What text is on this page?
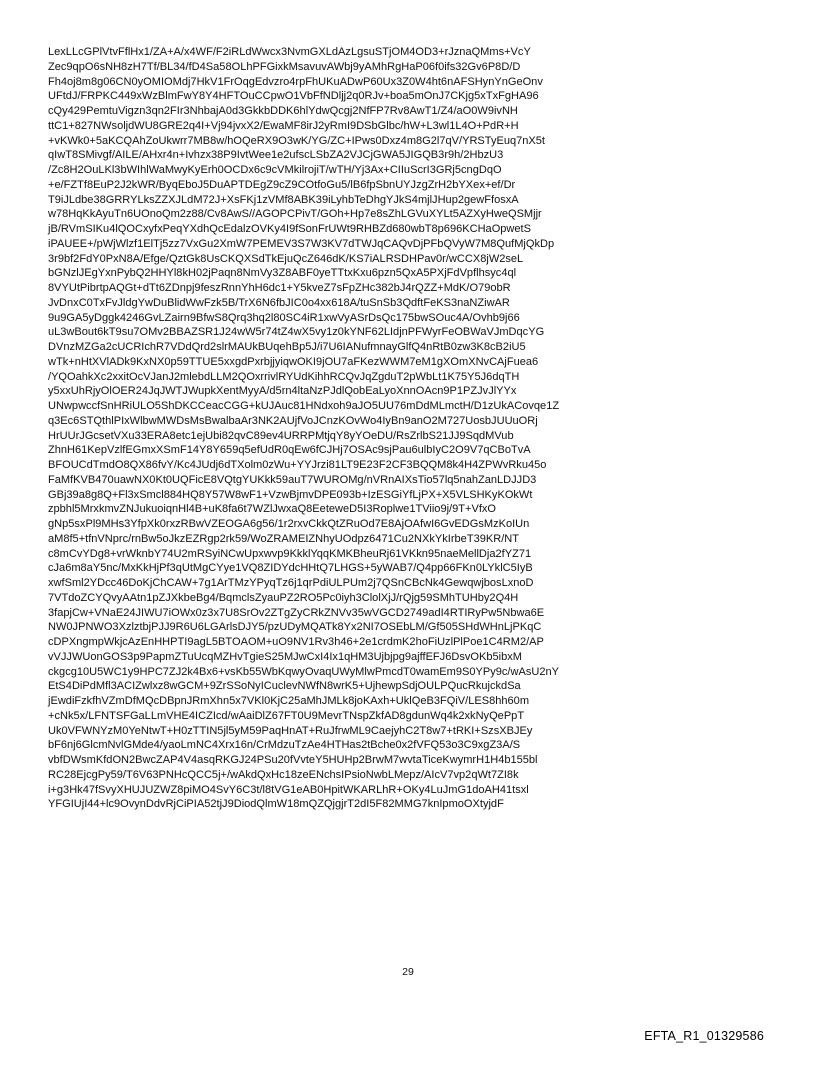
LexLLcGPlVtvFflHx1/ZA+A/x4WF/F2iRLdWwcx3NvmGXLdAzLgsuSTjOM4OD3+rJznaQMms+VcY
Zec9qpO6sNH8zH7Tf/BL34/fD4Sa58OLhPFGixkMsavuvAWbj9yAMhRgHaP06f0ifs32Gv6P8D/D
Fh4oj8m8g06CN0yOMIOMdj7HkV1FrOqgEdvzro4rpFhUKuADwP60Ux3Z0W4ht6nAFSHynYnGeOnv
UFtdJ/FRPKC449xWzBlmFwY8Y4HFTOuCCpwO1VbFfNDljj2q0RJv+boa5mOnJ7CKjg5xTxFgHA96
cQy429PemtuVigzn3qn2FIr3NhbajA0d3GkkbDDK6hlYdwQcgj2NfFP7Rv8AwT1/Z4/aO0W9ivNH
ttC1+827NWsoljdWU8GRE2q4I+Vj94jvxX2/EwaMF8irJ2yRmI9DSbGlbc/hW+L3wl1L4O+PdR+H
+vKWk0+5aKCQAhZoUkwrr7MB8w/hOQeRX9O3wK/YG/ZC+IPws0Dxz4m8G2l7qV/YRSTyEuq7nX5t
qIwT8SMivgf/AILE/AHxr4n+Ivhzx38P9IvtWee1e2ufscLSbZA2VJCjGWA5JIGQB3r9h/2HbzU3
/Zc8H2OuLKl3bWIhlWaMwyKyErh0OCDx6c9cVMkilrojiT/wTH/Yj3Ax+CIIuScrI3GRj5cngDqO
+e/FZTf8EuP2J2kWR/ByqEboJ5DuAPTDEgZ9cZ9COtfoGu5/lB6fpSbnUYJzgZrH2bYXex+ef/Dr
T9iJLdbe38GRRYLksZZXJLdM72J+XsFKj1zVMf8ABK39iLyhbTeDhgYJkS4mjlJHup2gewFfosxA
w78HqKkAyuTn6UOnoQm2z88/Cv8AwS//AGOPCPivT/GOh+Hp7e8sZhLGVuXYLt5AZXyHweQSMjjr
jB/RVmSIKu4lQOCxyfxPeqYXdhQcEdalzOVKy4I9fSonFrUWt9RHBZd680wbT8p696KCHaOpwetS
iPAUEE+/pWjWlzf1ElTj5zz7VxGu2XmW7PEMEV3S7W3KV7dTWJqCAQvDjPFbQVyW7M8QufMjQkDp
3r9bf2FdY0PxN8A/Efge/QztGk8UsCKQXSdTkEjuQcZ646dK/KS7iALRSDHPav0r/wCCX8jW2seL
bGNzlJEgYxnPybQ2HHYl8kH02jPaqn8NmVy3Z8ABF0yeTTtxKxu6pzn5QxA5PXjFdVpflhsyc4ql
8VYUtPibrtpAQGt+dTt6ZDnpj9feszRnnYhH6dc1+Y5kveZ7sFpZHc382bJ4rQZZ+MdK/O79obR
JvDnxC0TxFvJldgYwDuBlidWwFzk5B/TrX6N6fbJIC0o4xx618A/tuSnSb3QdftFeKS3naNZiwAR
9u9GA5yDggk4246GvLZairn9BfwS8Qrq3hq2l80SC4iR1xwVyASrDsQc175bwSOuc4A/Ovhb9j66
uL3wBout6kT9su7OMv2BBAZSR1J24wW5r74tZ4wX5vy1z0kYNF62LIdjnPFWyrFeOBWaVJmDqcYG
DVnzMZGa2cUCRIchR7VDdQrd2slrMAUkBUqehBp5J/i7U6IANufmnayGlfQ4nRtB0zw3K8cB2iU5
wTk+nHtXVlADk9KxNX0p59TTUE5xxgdPxrbjjyiqwOKI9jOU7aFKezWWM7eM1gXOmXNvCAjFuea6
/YQOahkXc2xxitOcVJanJ2mlebdLLM2QOxrrivlRYUdKihhRCQvJqZgduT2pWbLt1K75Y5J6dqTH
y5xxUhRjyOlOER24JqJWTJWupkXentMyyA/d5rn4ltaNzPJdlQobEaLyoXnnOAcn9P1PZJvJlYYx
UNwpwccfSnHRiULO5ShDKCCeacCGG+kUJAuc81HNdxoh9aJO5UU76mDdMLmctH/D1zUkACovqe1Z
q3Ec6STQthlPIxWlbwMWDsMsBwalbaAr3NK2AUjfVoJCnzKOvWo4IyBn9anO2M727UosbJUUuORj
HrUUrJGcsetVXu33ERA8etc1ejUbi82qvC89ev4URRPMtjqY8yYOeDU/RsZrlbS21JJ9SqdMVub
ZhnH61KepVzlfEGmxXSmF14Y8Y659q5efUdR0qEw6fCJHj7OSAc9sjPau6ulbIyC2O9V7qCBoTvA
BFOUCdTmdO8QX86fvY/Kc4JUdj6dTXolm0zWu+YYJrzi81LT9E23F2CF3BQQM8k4H4ZPWvRku45o
FaMfKVB470uawNX0Kt0UQFicE8VQtgYUKkk59auT7WUROMg/nVRnAIXsTio57lq5nahZanLDJJD3
GBj39a8g8Q+Fl3xSmcl884HQ8Y57W8wF1+VzwBjmvDPE093b+IzESGiYfLjPX+X5VLSHKyKOkWt
zpbhl5MrxkmvZNJukuoiqnHl4B+uK8fa6t7WZlJwxaQ8EeteweD5I3Roplwe1TViio9j/9T+VfxO
gNp5sxPl9MHs3YfpXk0rxzRBwVZEOGA6g56/1r2rxvCkkQtZRuOd7E8AjOAfwI6GvEDGsMzKoIUn
aM8f5+tfnVNprc/rnBw5oJkzEZRgp2rk59/WoZRAMEIZNhyUOdpz6471Cu2NXkYkIrbeT39KR/NT
c8mCvYDg8+vrWknbY74U2mRSyiNCwUpxwvp9KkklYqqKMKBheuRj61VKkn95naeMellDja2fYZ71
cJa6m8aY5nc/MxKkHjPf3qUtMgCYye1VQ8ZIDYdcHHtQ7LHGS+5yWAB7/Q4pp66FKn0LYklC5IyB
xwfSml2YDcc46DoKjChCAW+7g1ArTMzYPyqTz6j1qrPdiULPUm2j7QSnCBcNk4GewqwjbosLxnoD
7VTdoZCYQvyAAtn1pZJXkbeBg4/BqmclsZyauPZ2RO5Pc0iyh3ClolXjJ/rQjg59SMhTUHby2Q4H
3fapjCw+VNaE24JIWU7iOWx0z3x7U8SrOv2ZTgZyCRkZNVv35wVGCD2749adI4RTIRyPw5Nbwa6E
NW0JPNWO3XzlztbjPJJ9R6U6LGArlsDJY5/pzUDyMQATk8Yx2NI7OSEbLM/Gf505SHdWHnLjPKqC
cDPXngmpWkjcAzEnHHPTI9agL5BTOAOM+uO9NV1Rv3h46+2e1crdmK2hoFiUzlPlPoe1C4RM2/AP
vVJJWUonGOS3p9PapmZTuUcqMZHvTgieS25MJwCxI4Ix1qHM3Ujbjpg9ajffEFJ6DsvOKb5ibxM
ckgcg10U5WC1y9HPC7ZJ2k4Bx6+vsKb55WbKqwyOvaqUWyMlwPmcdT0wamEm9S0YPy9c/wAsU2nY
EtS4DiPdMfl3ACIZwlxz8wGCM+9ZrSSoNyICuclevNWfN8wrK5+UjhewpSdjOULPQucRkujckdSa
jEwdiFzkfhVZmDfMQcDBpnJRmXhn5x7VKl0KjC25aMhJMLk8joKAxh+UklQeB3FQiV/LES8hh60m
+cNk5x/LFNTSFGaLLmVHE4ICZIcd/wAaiDlZ67FT0U9MevrTNspZkfAD8gdunWq4k2xkNyQePpT
Uk0VFWNYzM0YeNtwT+H0zTTIN5jl5yM59PaqHnAT+RuJfrwML9CaejyhC2T8w7+tRKI+SzsXBJEy
bF6nj6GlcmNvlGMde4/yaoLmNC4Xrx16n/CrMdzuTzAe4HTHas2tBche0x2fVFQ53o3C9xgZ3A/S
vbfDWsmKfdON2BwcZAP4V4asqRKGJ24PSu20fVvteY5HUHp2BrwM7wvtaTiceKwymrH1H4b155bl
RC28EjcgPy59/T6V63PNHcQCC5j+/wAkdQxHc18zeENchsIPsioNwbLMepz/AIcV7vp2qWt7ZI8k
i+g3Hk47fSvyXHUJUZWZ8piMO4SvY6C3t/l8tVG1eAB0HpitWKARLhR+OKy4LuJmG1doAH41tsxl
YFGIUjI44+lc9OvynDdvRjCiPIA52tjJ9DiodQlmW18mQZQjgjrT2dI5F82MMG7knIpmoOXtyjdF
29
EFTA_R1_01329586
